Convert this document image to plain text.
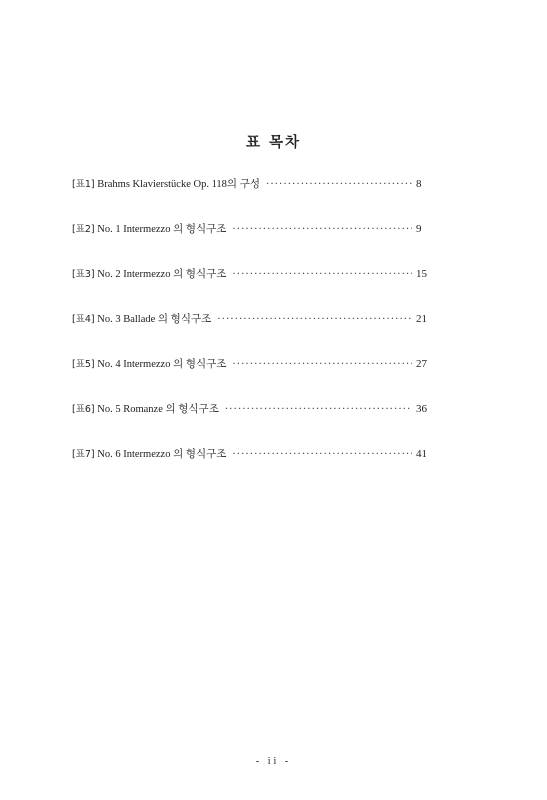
표 목차
[표1] Brahms Klavierstücke Op. 118의 구성 ·····	8
[표2] No. 1 Intermezzo 의 형식구조 ·····	9
[표3] No. 2 Intermezzo 의 형식구조 ·····	15
[표4] No. 3 Ballade 의 형식구조 ·····	21
[표5] No. 4 Intermezzo 의 형식구조 ·····	27
[표6] No. 5 Romanze 의 형식구조 ·····	36
[표7] No. 6 Intermezzo 의 형식구조 ·····	41
- ii -
